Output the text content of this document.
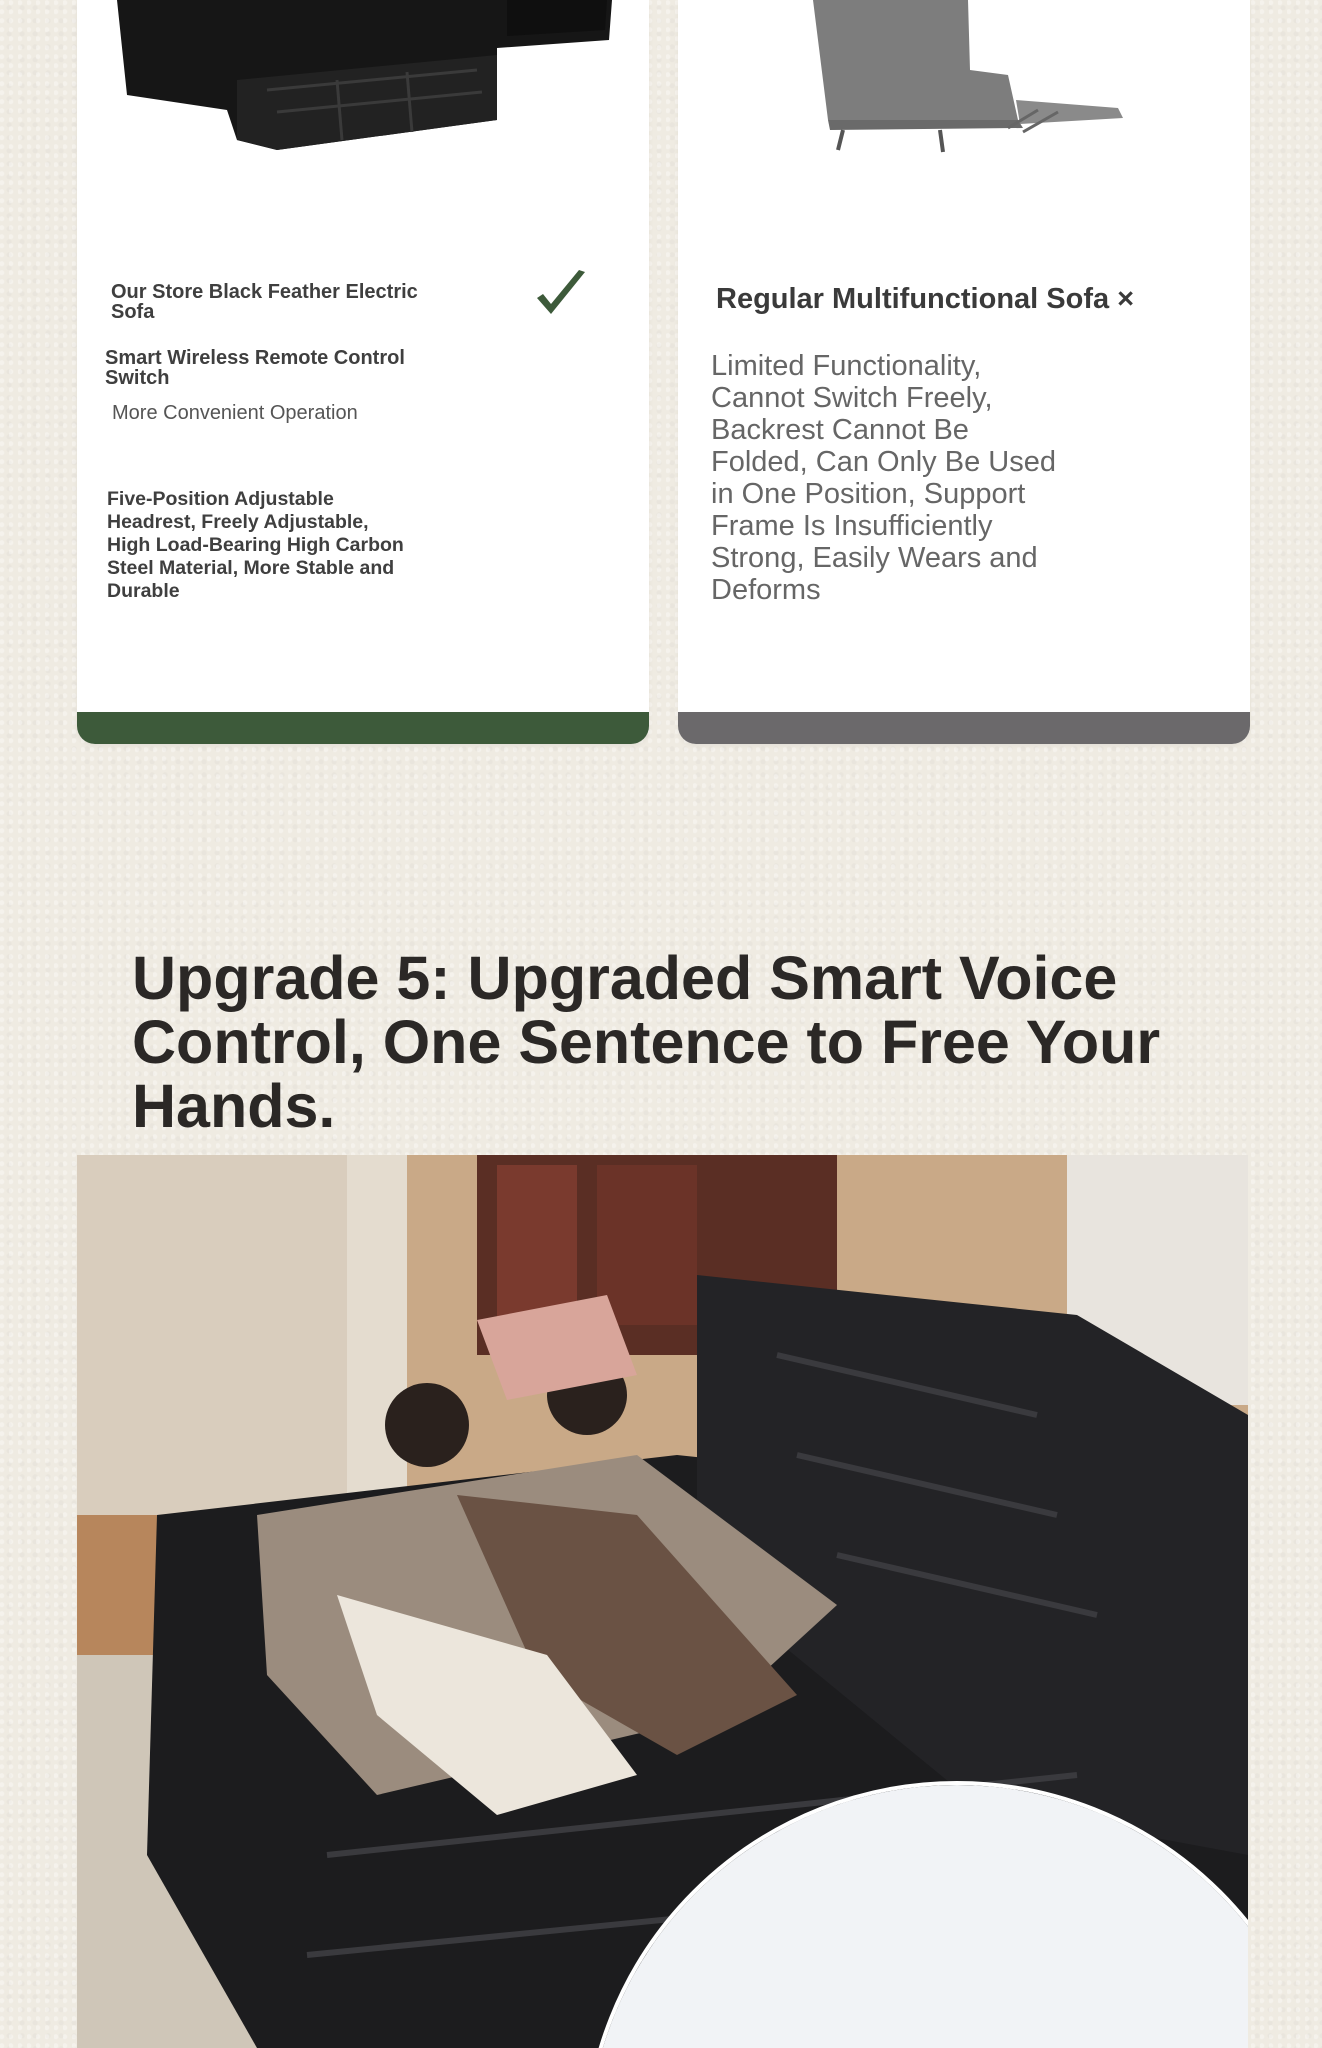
Our Store Black Feather Electric Sofa

Smart Wireless Remote Control Switch

More Convenient Operation

Five-Position Adjustable Headrest, Freely Adjustable, High Load-Bearing High Carbon Steel Material, More Stable and Durable

Regular Multifunctional Sofa ×

Limited Functionality, Cannot Switch Freely, Backrest Cannot Be Folded, Can Only Be Used in One Position, Support Frame Is Insufficiently Strong, Easily Wears and Deforms

Upgrade 5: Upgraded Smart Voice Control, One Sentence to Free Your Hands.
